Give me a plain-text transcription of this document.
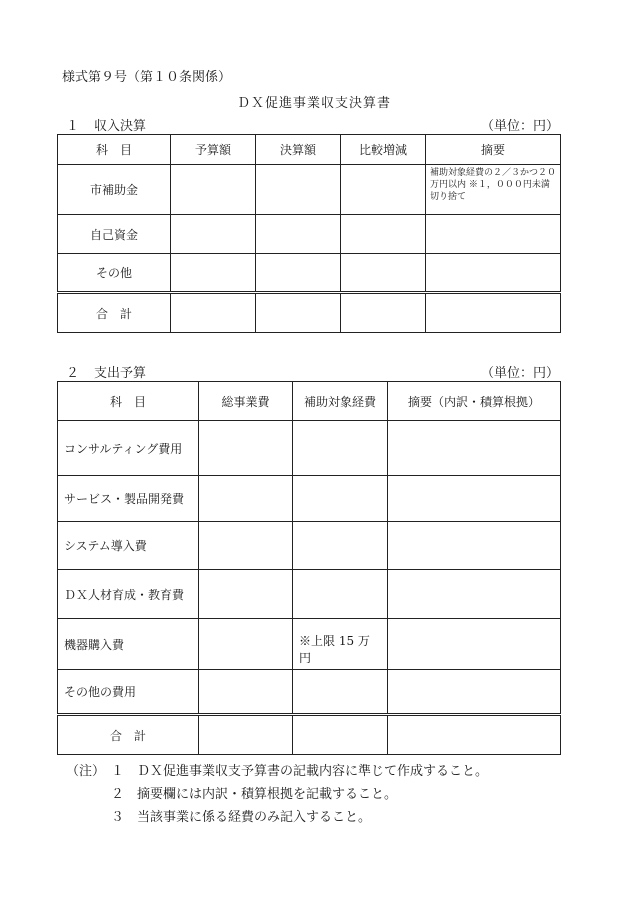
様式第９号（第１０条関係）
ＤＸ促進事業収支決算書
１ 収入決算	（単位：円）
科　目	予算額	決算額	比較増減	摘要
市補助金				補助対象経費の２／３かつ２０万円以内 ※１，０００円未満切り捨て
自己資金				
その他				
合　計				
２ 支出予算	（単位：円）
科　目	総事業費	補助対象経費	摘要（内訳・積算根拠）
コンサルティング費用			
サービス・製品開発費			
システム導入費			
ＤＸ人材育成・教育費			
機器購入費		※上限 15 万円	
その他の費用			
合　計			
（注） １ ＤＸ促進事業収支予算書の記載内容に準じて作成すること。
２ 摘要欄には内訳・積算根拠を記載すること。
３ 当該事業に係る経費のみ記入すること。
